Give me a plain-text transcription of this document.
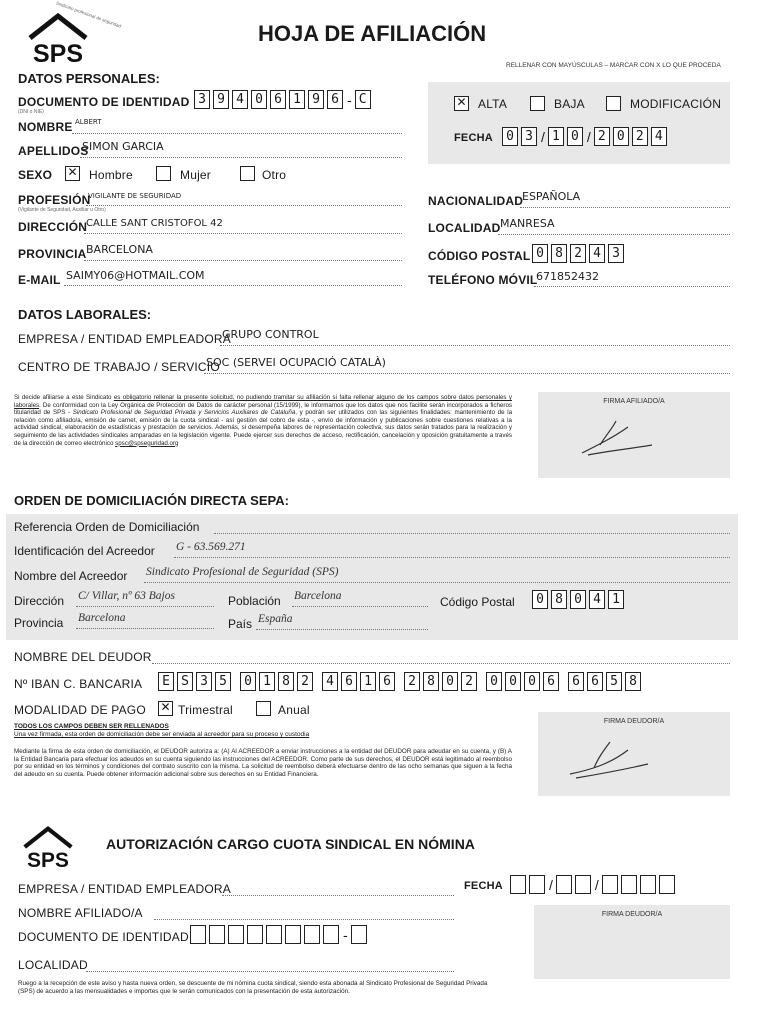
SPS
Sindicato profesional de seguridad
HOJA DE AFILIACIÓN
RELLENAR CON MAYÚSCULAS – MARCAR CON X LO QUE PROCEDA
DATOS PERSONALES:
DOCUMENTO DE IDENTIDAD
(DNI o NIE)
3 9 4 0 6 1 9 6 - C
NOMBRE ALBERT
APELLIDOS
SIMON GARCIA
SEXO ✕	Hombre	Mujer	Otro
PROFESIÓN
VIGILANTE DE SEGURIDAD
(Vigilante de Seguridad, Auxiliar u Otro)
DIRECCIÓN
CALLE SANT CRISTOFOL 42
PROVINCIA BARCELONA
E-MAIL SAIMY06@HOTMAIL.COM
✕
ALTA	BAJA	MODIFICACIÓN
FECHA	0 3 / 1 0 / 2 0 2 4
NACIONALIDAD
ESPAÑOLA
LOCALIDAD MANRESA
CÓDIGO POSTAL 0 8 2 4 3
TELÉFONO MÓVIL
671852432
DATOS LABORALES:
EMPRESA / ENTIDAD EMPLEADORA
GRUPO CONTROL
CENTRO DE TRABAJO / SERVICIO
SOC (SERVEI OCUPACIÓ CATALÀ)
Si decide afiliarse a este Sindicato es obligatorio rellenar la presente solicitud, no pudiendo tramitar su afiliación si falta rellenar alguno de los campos sobre datos personales y laborales. De conformidad con la Ley Orgánica de Protección de Datos de carácter personal (15/1999), le informamos que los datos que nos facilite serán incorporados a ficheros titularidad de SPS - Sindicato Profesional de Seguridad Privada y Servicios Auxiliares de Cataluña, y podrán ser utilizados con las siguientes finalidades: mantenimiento de la relación como afiliado/a, emisión de carnet, emisión de la cuota sindical - así gestión del cobro de esta -, envío de información y publicaciones sobre cuestiones relativas a la actividad sindical, elaboración de estadísticas y prestación de servicios. Además, si desempeña labores de representación colectiva, sus datos serán tratados para la realización y seguimiento de las actividades sindicales amparadas en la legislación vigente. Puede ejercer sus derechos de acceso, rectificación, cancelación y oposición gratuitamente a través de la dirección de correo electrónico spsc@spseguridad.org
FIRMA AFILIADO/A
ORDEN DE DOMICILIACIÓN DIRECTA SEPA:
Referencia Orden de Domiciliación
Identificación del Acreedor G - 63.569.271
Nombre del Acreedor Sindicato Profesional de Seguridad (SPS)
Dirección C/ Villar, nº 63 Bajos	Población Barcelona	Código Postal	0 8 0 4 1
Provincia Barcelona	País España
NOMBRE DEL DEUDOR
Nº IBAN C. BANCARIA	E S 3 5 0 1 8 2 4 6 1 6 2 8 0 2 0 0 0 6 6 6 5 8
MODALIDAD DE PAGO ✕	Trimestral	Anual
TODOS LOS CAMPOS DEBEN SER RELLENADOS
Una vez firmada, esta orden de domiciliación debe ser enviada al acreedor para su proceso y custodia
Mediante la firma de esta orden de domiciliación, el DEUDOR autoriza a: (A) Al ACREEDOR a enviar instrucciones a la entidad del DEUDOR para adeudar en su cuenta, y (B) A la Entidad Bancaria para efectuar los adeudos en su cuenta siguiendo las instrucciones del ACREEDOR. Como parte de sus derechos, el DEUDOR está legitimado al reembolso por su entidad en los términos y condiciones del contrato suscrito con la misma. La solicitud de reembolso deberá efectuarse dentro de las ocho semanas que siguen a la fecha del adeudo en su cuenta. Puede obtener información adicional sobre sus derechos en su Entidad Financiera.
FIRMA DEUDOR/A
SPS
AUTORIZACIÓN CARGO CUOTA SINDICAL EN NÓMINA
EMPRESA / ENTIDAD EMPLEADORA	FECHA	/	/
NOMBRE AFILIADO/A
DOCUMENTO DE IDENTIDAD	-
LOCALIDAD
FIRMA DEUDOR/A
Ruego a la recepción de este aviso y hasta nueva orden, se descuente de mi nómina cuota sindical, siendo esta abonada al Sindicato Profesional de Seguridad Privada (SPS) de acuerdo a las mensualidades e importes que le serán comunicados con la presentación de esta autorización.
